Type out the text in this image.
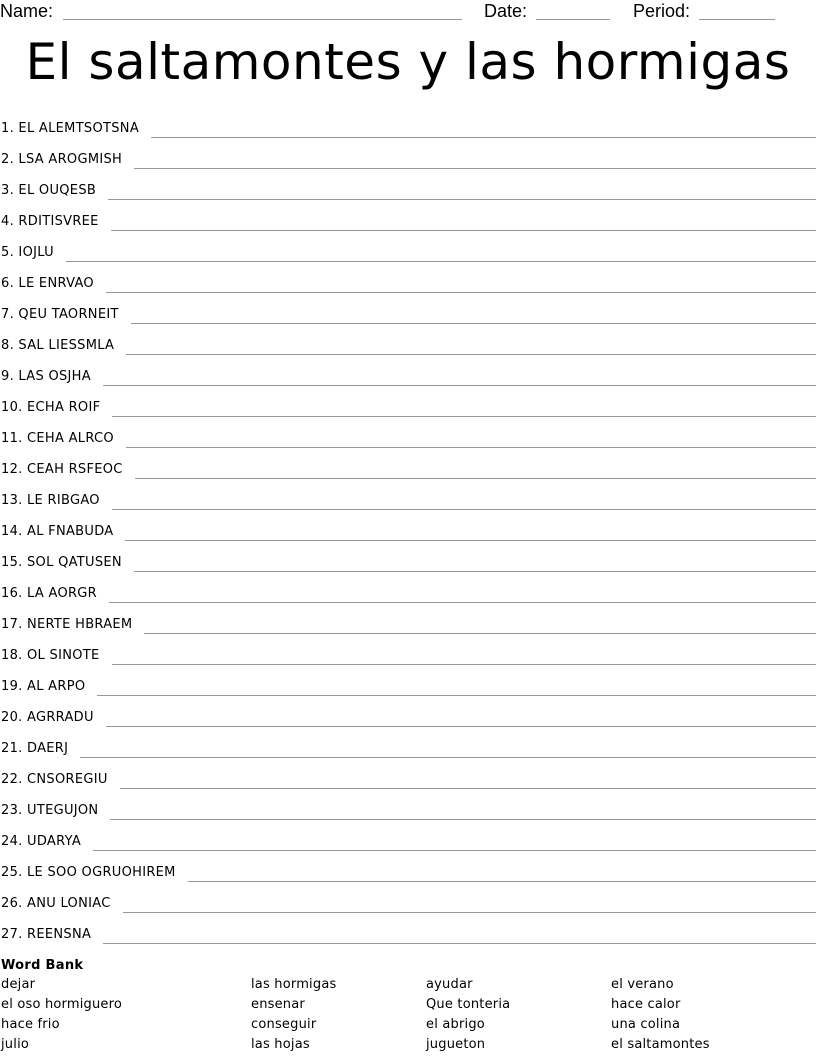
Name:	Date:	Period:
El saltamontes y las hormigas
1. EL ALEMTSOTSNA
2. LSA AROGMISH
3. EL OUQESB
4. RDITISVREE
5. IOJLU
6. LE ENRVAO
7. QEU TAORNEIT
8. SAL LIESSMLA
9. LAS OSJHA
10. ECHA ROIF
11. CEHA ALRCO
12. CEAH RSFEOC
13. LE RIBGAO
14. AL FNABUDA
15. SOL QATUSEN
16. LA AORGR
17. NERTE HBRAEM
18. OL SINOTE
19. AL ARPO
20. AGRRADU
21. DAERJ
22. CNSOREGIU
23. UTEGUJON
24. UDARYA
25. LE SOO OGRUOHIREM
26. ANU LONIAC
27. REENSNA
Word Bank
dejar
el oso hormiguero
hace frio
julio
las hormigas
ensenar
conseguir
las hojas
ayudar
Que tonteria
el abrigo
jugueton
el verano
hace calor
una colina
el saltamontes
